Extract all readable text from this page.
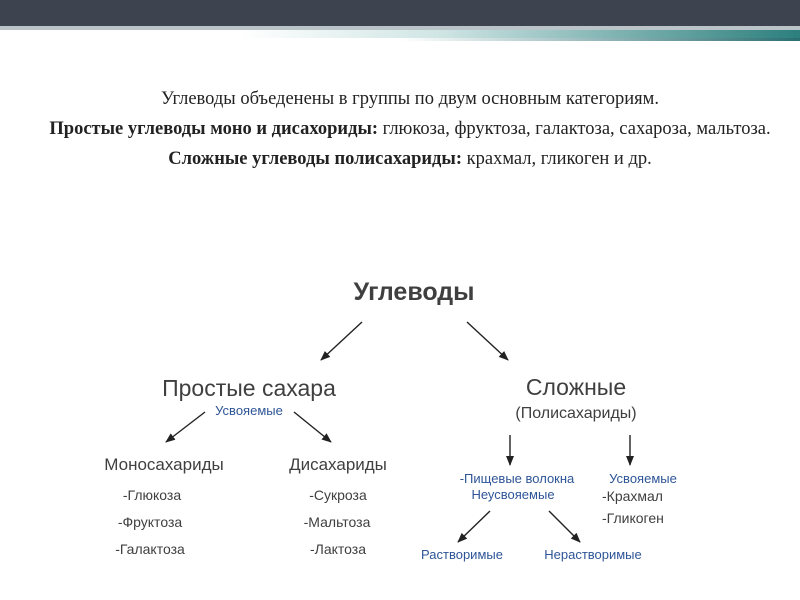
Углеводы объеденены в группы по двум основным категориям.
Простые углеводы моно и дисахориды: глюкоза, фруктоза, галактоза, сахароза, мальтоза. Сложные углеводы полисахариды: крахмал, гликоген и др.
Углеводы
Простые сахара
Усвояемые
Сложные
(Полисахариды)
Моносахариды
-Глюкоза
-Фруктоза
-Галактоза
Дисахариды
-Сукроза
-Мальтоза
-Лактоза
-Пищевые волокна
Неусвояемые
Усвояемые
-Крахмал
-Гликоген
Растворимые	Нерастворимые
